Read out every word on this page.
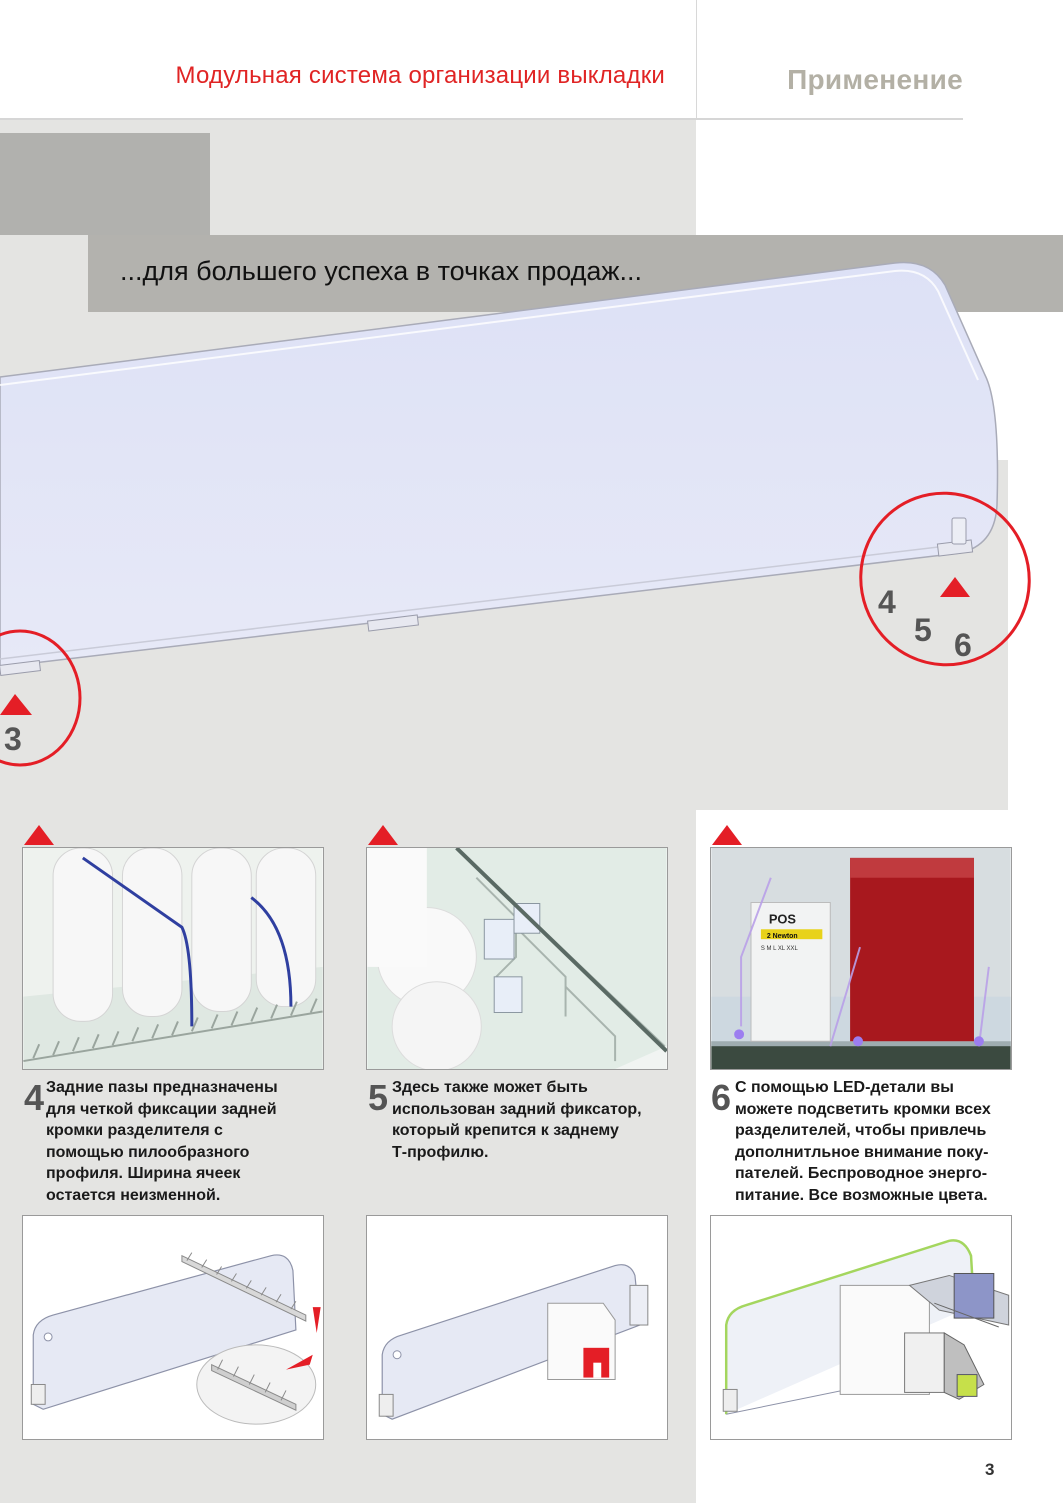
Модульная система организации выкладки	Применение
...для большего успеха в точках продаж...
3
4
5 6
POS
2 Newton
S M L XL XXL
4 Задние пазы предназначены
для четкой фиксации задней
кромки разделителя с
помощью пилообразного
профиля. Ширина ячеек
остается неизменной.
5 Здесь также может быть
использован задний фиксатор,
который крепится к заднему
Т-профилю.
6 С помощью LED-детали вы
можете подсветить кромки всех
разделителей, чтобы привлечь
дополнитльное внимание поку-
пателей. Беспроводное энерго-
питание. Все возможные цвета.
3
